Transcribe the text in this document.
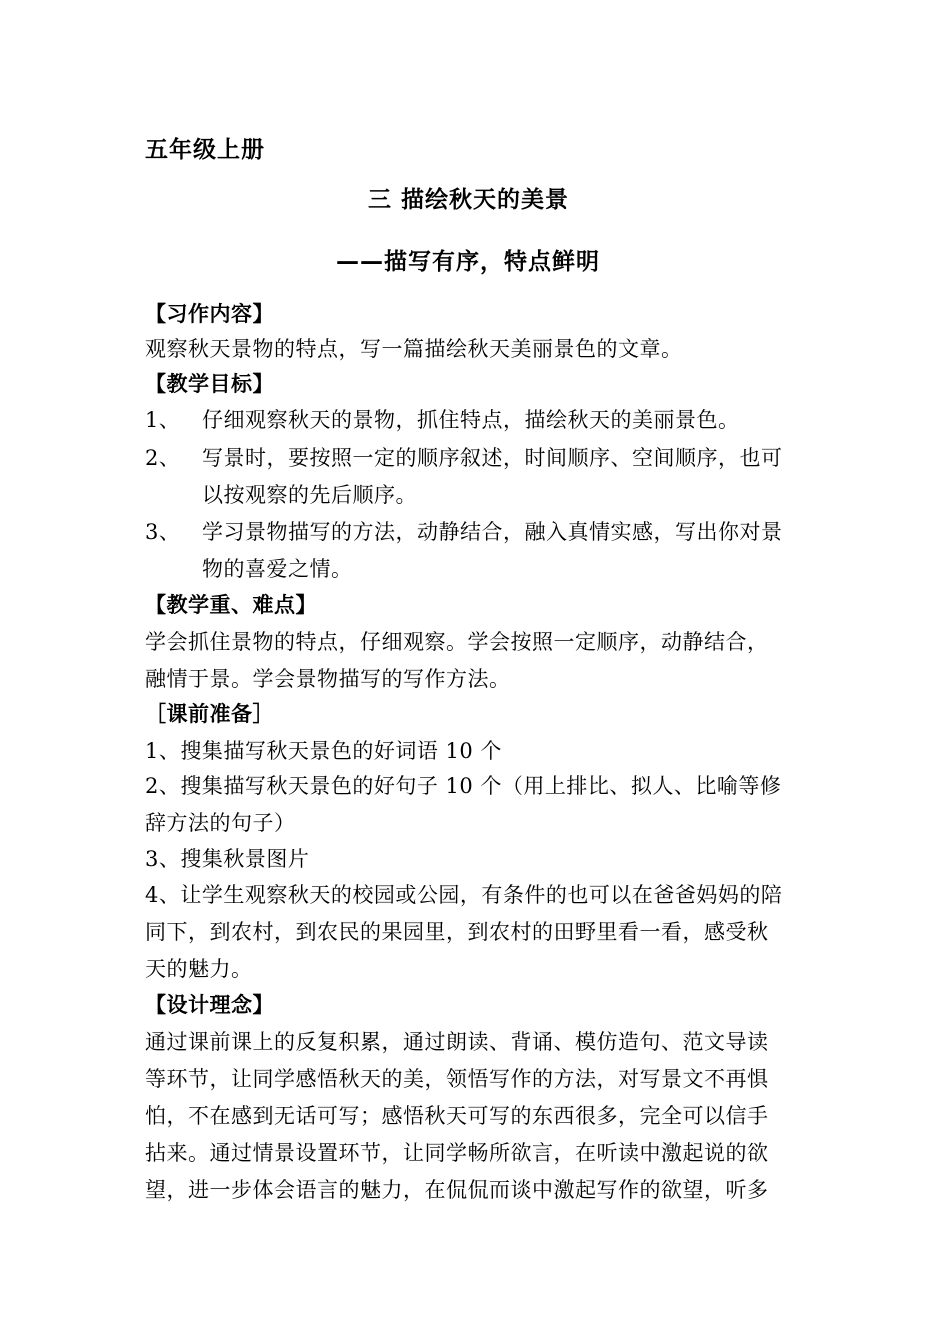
五年级上册
三 描绘秋天的美景
——描写有序，特点鲜明
【习作内容】
观察秋天景物的特点，写一篇描绘秋天美丽景色的文章。
【教学目标】
1、 仔细观察秋天的景物，抓住特点，描绘秋天的美丽景色。
2、 写景时，要按照一定的顺序叙述，时间顺序、空间顺序，也可
以按观察的先后顺序。
3、 学习景物描写的方法，动静结合，融入真情实感，写出你对景
物的喜爱之情。
【教学重、难点】
学会抓住景物的特点，仔细观察。学会按照一定顺序，动静结合，
融情于景。学会景物描写的写作方法。
［课前准备］
1、搜集描写秋天景色的好词语 10 个
2、搜集描写秋天景色的好句子 10 个（用上排比、拟人、比喻等修
辞方法的句子）
3、搜集秋景图片
4、让学生观察秋天的校园或公园，有条件的也可以在爸爸妈妈的陪
同下，到农村，到农民的果园里，到农村的田野里看一看，感受秋
天的魅力。
【设计理念】
通过课前课上的反复积累，通过朗读、背诵、模仿造句、范文导读
等环节，让同学感悟秋天的美，领悟写作的方法，对写景文不再惧
怕，不在感到无话可写；感悟秋天可写的东西很多，完全可以信手
拈来。通过情景设置环节，让同学畅所欲言，在听读中激起说的欲
望，进一步体会语言的魅力，在侃侃而谈中激起写作的欲望，听多
